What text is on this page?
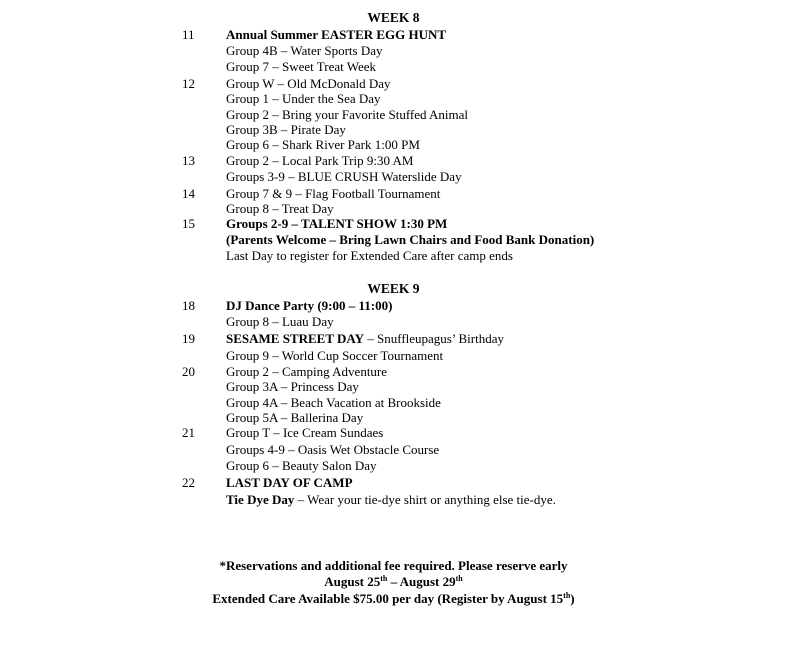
WEEK 8
11 Annual Summer EASTER EGG HUNT
Group 4B – Water Sports Day
Group 7 – Sweet Treat Week
12 Group W – Old McDonald Day
Group 1 – Under the Sea Day
Group 2 – Bring your Favorite Stuffed Animal
Group 3B – Pirate Day
Group 6 – Shark River Park 1:00 PM
13 Group 2 – Local Park Trip 9:30 AM
Groups 3-9 – BLUE CRUSH Waterslide Day
14 Group 7 & 9 – Flag Football Tournament
Group 8 – Treat Day
15 Groups 2-9 – TALENT SHOW 1:30 PM
(Parents Welcome – Bring Lawn Chairs and Food Bank Donation)
Last Day to register for Extended Care after camp ends
WEEK 9
18 DJ Dance Party (9:00 – 11:00)
Group 8 – Luau Day
19 SESAME STREET DAY – Snuffleupagus’ Birthday
Group 9 – World Cup Soccer Tournament
20 Group 2 – Camping Adventure
Group 3A – Princess Day
Group 4A – Beach Vacation at Brookside
Group 5A – Ballerina Day
21 Group T – Ice Cream Sundaes
Groups 4-9 – Oasis Wet Obstacle Course
Group 6 – Beauty Salon Day
22 LAST DAY OF CAMP
Tie Dye Day – Wear your tie-dye shirt or anything else tie-dye.
*Reservations and additional fee required. Please reserve early
August 25th – August 29th
Extended Care Available $75.00 per day (Register by August 15th)
